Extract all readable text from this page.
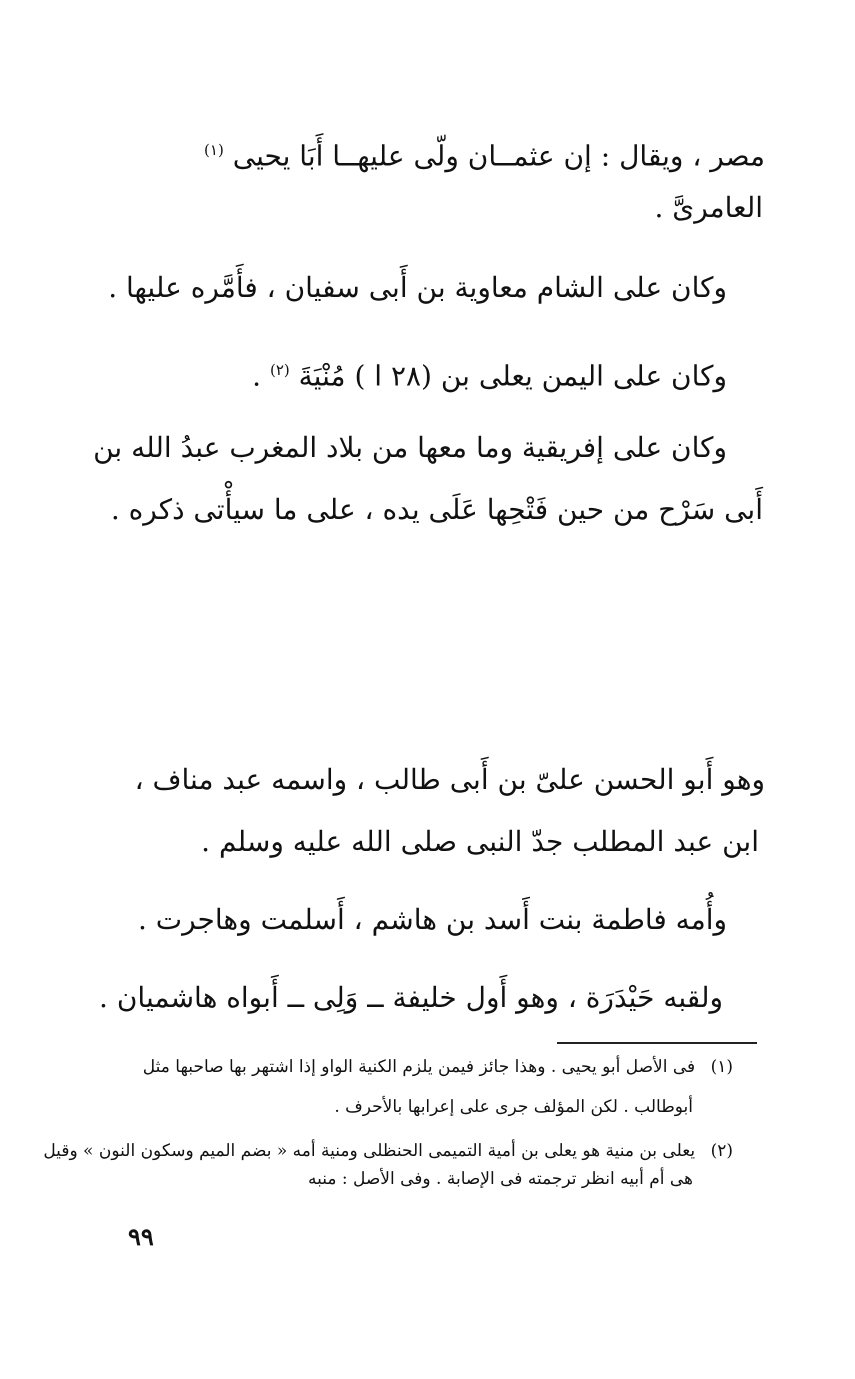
مصر ، ويقال : إن عثمــان ولّى عليهــا أَبَا يحيى $^{(١)}$
العامرىَّ .
وكان على الشام معاوية بن أَبى سفيان ، فأَمَّره عليها .
وكان على اليمن يعلى بن (٢٨ ا ) مُنْيَةَ $^{(٢)}$ .
وكان على إفريقية وما معها من بلاد المغرب عبدُ الله بن
أَبى سَرْح من حين فَتْحِها عَلَى يده ، على ما سيأْتى ذكره .
وهو أَبو الحسن علىّ بن أَبى طالب ، واسمه عبد مناف ،
ابن عبد المطلب جدّ النبى صلى الله عليه وسلم .
وأُمه فاطمة بنت أَسد بن هاشم ، أَسلمت وهاجرت .
ولقبه حَيْدَرَة ، وهو أَول خليفة ــ وَلِى ــ أَبواه هاشميان .
(١) فى الأصل أبو يحيى . وهذا جائز فيمن يلزم الكنية الواو إذا اشتهر بها صاحبها مثل
أبوطالب . لكن المؤلف جرى على إعرابها بالأحرف .
(٢) يعلى بن منية هو يعلى بن أمية التميمى الحنظلى ومنية أمه « بضم الميم وسكون النون » وقيل
هى أم أبيه انظر ترجمته فى الإصابة . وفى الأصل : منبه
٩٩
